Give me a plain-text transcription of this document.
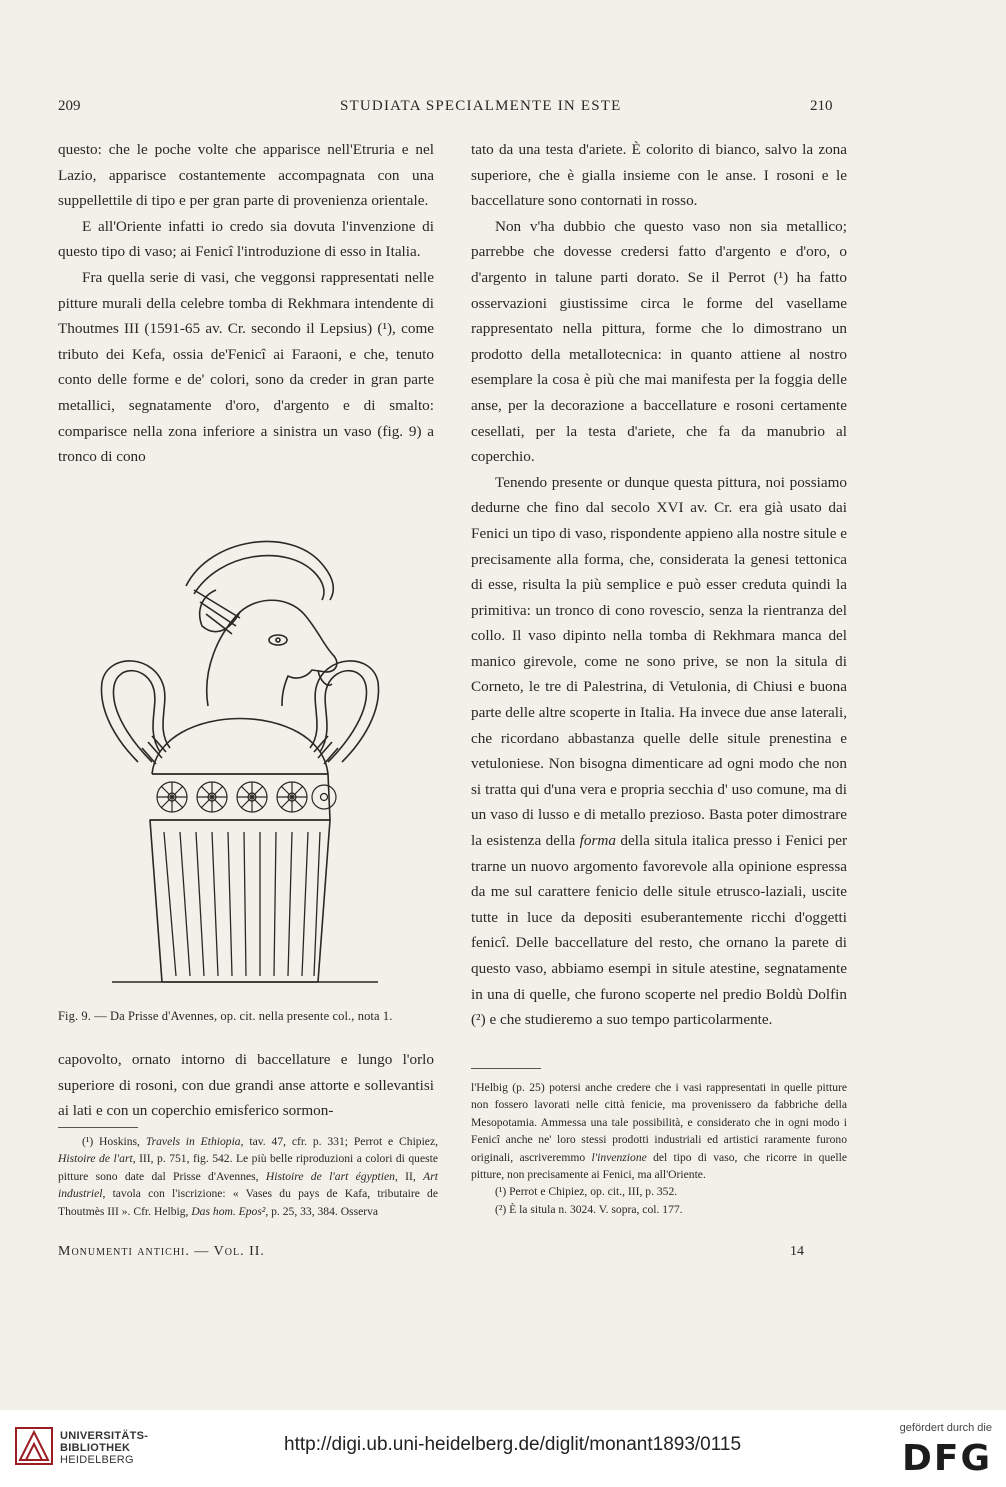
209	STUDIATA SPECIALMENTE IN ESTE	210

questo: che le poche volte che apparisce nell'Etruria e nel Lazio, apparisce costantemente accompagnata con una suppellettile di tipo e per gran parte di provenienza orientale.

E all'Oriente infatti io credo sia dovuta l'invenzione di questo tipo di vaso; ai Fenicî l'introduzione di esso in Italia.

Fra quella serie di vasi, che veggonsi rappresentati nelle pitture murali della celebre tomba di Rekhmara intendente di Thoutmes III (1591-65 av. Cr. secondo il Lepsius) (¹), come tributo dei Kefa, ossia de'Fenicî ai Faraoni, e che, tenuto conto delle forme e de' colori, sono da creder in gran parte metallici, segnatamente d'oro, d'argento e di smalto: comparisce nella zona inferiore a sinistra un vaso (fig. 9) a tronco di cono

Fig. 9. — Da Prisse d'Avennes, op. cit. nella presente col., nota 1.

capovolto, ornato intorno di baccellature e lungo l'orlo superiore di rosoni, con due grandi anse attorte e sollevantisi ai lati e con un coperchio emisferico sormon-

(¹) Hoskins, Travels in Ethiopia, tav. 47, cfr. p. 331; Perrot e Chipiez, Histoire de l'art, III, p. 751, fig. 542. Le più belle riproduzioni a colori di queste pitture sono date dal Prisse d'Avennes, Histoire de l'art égyptien, II, Art industriel, tavola con l'iscrizione: « Vases du pays de Kafa, tributaire de Thoutmès III ». Cfr. Helbig, Das hom. Epos², p. 25, 33, 384. Osserva

tato da una testa d'ariete. È colorito di bianco, salvo la zona superiore, che è gialla insieme con le anse. I rosoni e le baccellature sono contornati in rosso.

Non v'ha dubbio che questo vaso non sia metallico; parrebbe che dovesse credersi fatto d'argento e d'oro, o d'argento in talune parti dorato. Se il Perrot (¹) ha fatto osservazioni giustissime circa le forme del vasellame rappresentato nella pittura, forme che lo dimostrano un prodotto della metallotecnica: in quanto attiene al nostro esemplare la cosa è più che mai manifesta per la foggia delle anse, per la decorazione a baccellature e rosoni certamente cesellati, per la testa d'ariete, che fa da manubrio al coperchio.

Tenendo presente or dunque questa pittura, noi possiamo dedurne che fino dal secolo XVI av. Cr. era già usato dai Fenici un tipo di vaso, rispondente appieno alla nostre situle e precisamente alla forma, che, considerata la genesi tettonica di esse, risulta la più semplice e può esser creduta quindi la primitiva: un tronco di cono rovescio, senza la rientranza del collo. Il vaso dipinto nella tomba di Rekhmara manca del manico girevole, come ne sono prive, se non la situla di Corneto, le tre di Palestrina, di Vetulonia, di Chiusi e buona parte delle altre scoperte in Italia. Ha invece due anse laterali, che ricordano abbastanza quelle delle situle prenestina e vetuloniese. Non bisogna dimenticare ad ogni modo che non si tratta qui d'una vera e propria secchia d' uso comune, ma di un vaso di lusso e di metallo prezioso. Basta poter dimostrare la esistenza della forma della situla italica presso i Fenici per trarne un nuovo argomento favorevole alla opinione espressa da me sul carattere fenicio delle situle etrusco-laziali, uscite tutte in luce da depositi esuberantemente ricchi d'oggetti fenicî. Delle baccellature del resto, che ornano la parete di questo vaso, abbiamo esempi in situle atestine, segnatamente in una di quelle, che furono scoperte nel predio Boldù Dolfin (²) e che studieremo a suo tempo particolarmente.

l'Helbig (p. 25) potersi anche credere che i vasi rappresentati in quelle pitture non fossero lavorati nelle città fenicie, ma provenissero da fabbriche della Mesopotamia. Ammessa una tale possibilità, e considerato che in ogni modo i Fenicî anche ne' loro stessi prodotti industriali ed artistici raramente furono originali, ascriveremmo l'invenzione del tipo di vaso, che ricorre in quelle pitture, non precisamente ai Fenici, ma all'Oriente.

(¹) Perrot e Chipiez, op. cit., III, p. 352.

(²) È la situla n. 3024. V. sopra, col. 177.

Monumenti antichi. — Vol. II.	14
UNIVERSITÄTS-
BIBLIOTHEK
HEIDELBERG
http://digi.ub.uni-heidelberg.de/diglit/monant1893/0115
gefördert durch die
DFG
